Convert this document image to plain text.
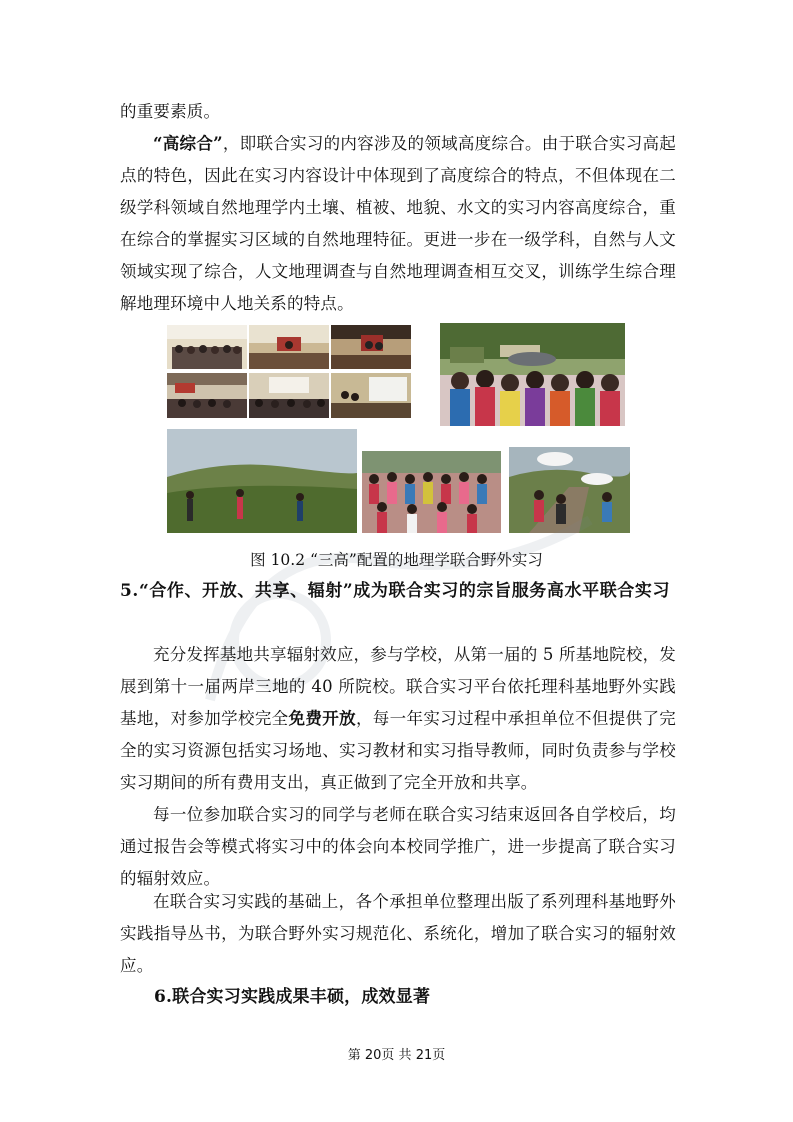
的重要素质。

“高综合”，即联合实习的内容涉及的领域高度综合。由于联合实习高起点的特色，因此在实习内容设计中体现到了高度综合的特点，不但体现在二级学科领域自然地理学内土壤、植被、地貌、水文的实习内容高度综合，重在综合的掌握实习区域的自然地理特征。更进一步在一级学科，自然与人文领域实现了综合，人文地理调查与自然地理调查相互交叉，训练学生综合理解地理环境中人地关系的特点。

图 10.2 “三高”配置的地理学联合野外实习

5.“合作、开放、共享、辐射”成为联合实习的宗旨服务高水平联合实习

充分发挥基地共享辐射效应，参与学校，从第一届的 5 所基地院校，发展到第十一届两岸三地的 40 所院校。联合实习平台依托理科基地野外实践基地，对参加学校完全免费开放，每一年实习过程中承担单位不但提供了完全的实习资源包括实习场地、实习教材和实习指导教师，同时负责参与学校实习期间的所有费用支出，真正做到了完全开放和共享。

每一位参加联合实习的同学与老师在联合实习结束返回各自学校后，均通过报告会等模式将实习中的体会向本校同学推广，进一步提高了联合实习的辐射效应。

在联合实习实践的基础上，各个承担单位整理出版了系列理科基地野外实践指导丛书，为联合野外实习规范化、系统化，增加了联合实习的辐射效应。

6.联合实习实践成果丰硕，成效显著

第 20页 共 21页
